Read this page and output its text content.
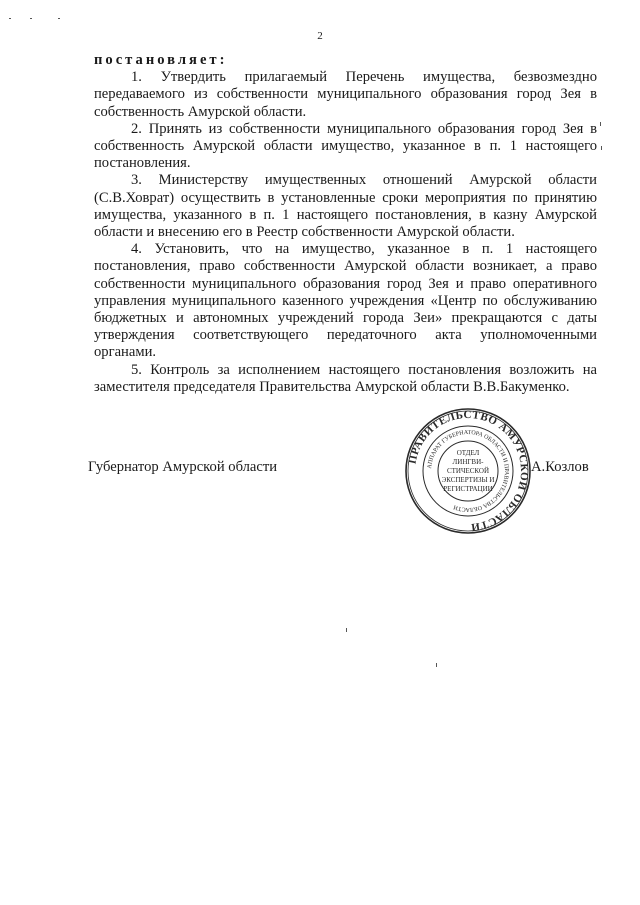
2

постановляет:

1. Утвердить прилагаемый Перечень имущества, безвозмездно передаваемого из собственности муниципального образования город Зея в собственность Амурской области.

2. Принять из собственности муниципального образования город Зея в собственность Амурской области имущество, указанное в п. 1 настоящего постановления.

3. Министерству имущественных отношений Амурской области (С.В.Ховрат) осуществить в установленные сроки мероприятия по принятию имущества, указанного в п. 1 настоящего постановления, в казну Амурской области и внесению его в Реестр собственности Амурской области.

4. Установить, что на имущество, указанное в п. 1 настоящего постановления, право собственности Амурской области возникает, а право собственности муниципального образования город Зея и право оперативного управления муниципального казенного учреждения «Центр по обслуживанию бюджетных и автономных учреждений города Зеи» прекращаются с даты утверждения соответствующего передаточного акта уполномоченными органами.

5. Контроль за исполнением настоящего постановления возложить на заместителя председателя Правительства Амурской области В.В.Бакуменко.

Губернатор Амурской области	А.Козлов
ПРАВИТЕЛЬСТВО АМУРСКОЙ ОБЛАСТИ
АППАРАТ ГУБЕРНАТОРА ОБЛАСТИ И ПРАВИТЕЛЬСТВА ОБЛАСТИ
ОТДЕЛ
ЛИНГВИ-
СТИЧЕСКОЙ
ЭКСПЕРТИЗЫ И
РЕГИСТРАЦИИ
